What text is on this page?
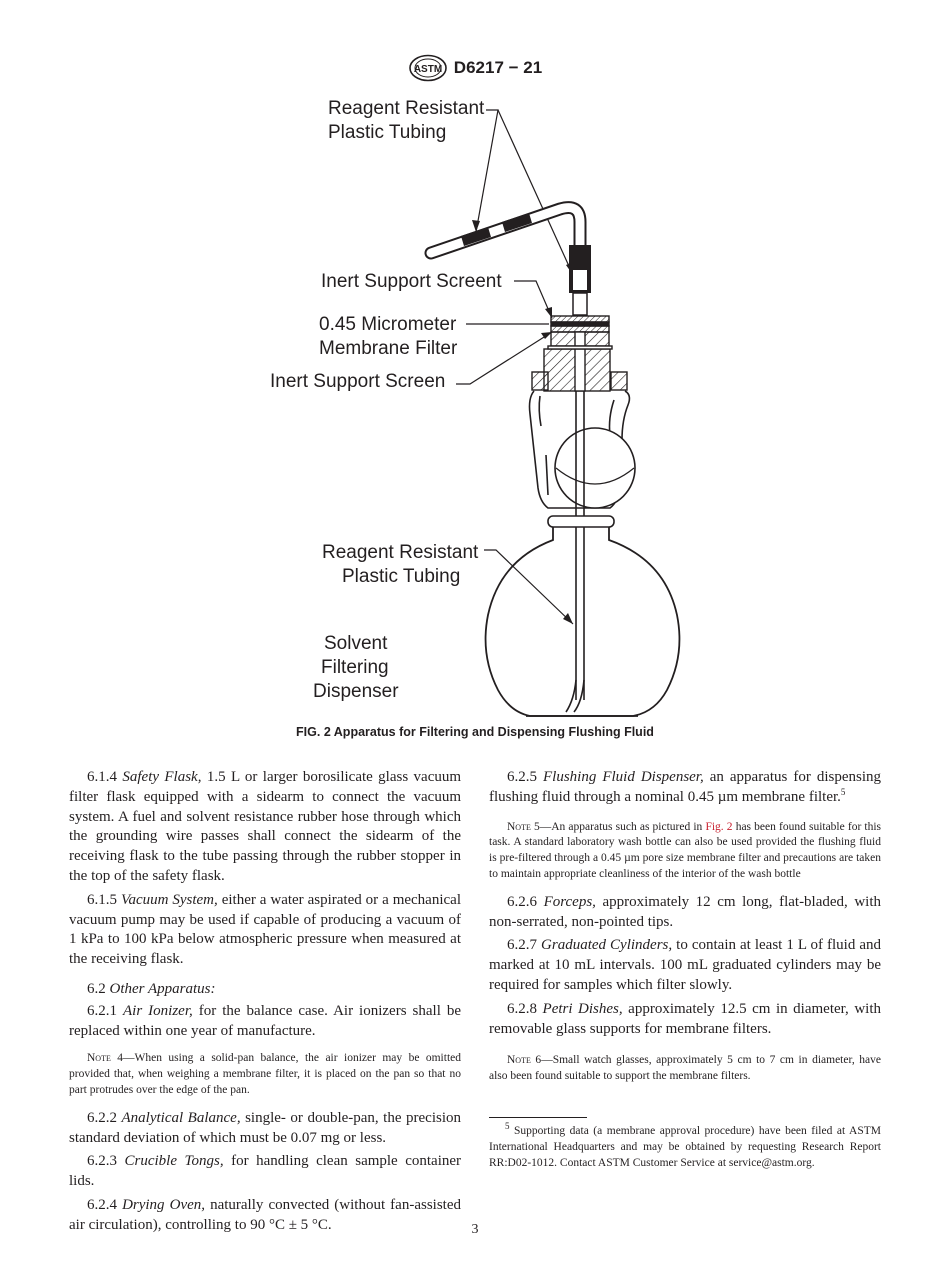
ASTM D6217 − 21
Reagent Resistant
Plastic Tubing
Inert Support Screent
0.45 Micrometer
Membrane Filter
Inert Support Screen
Reagent Resistant
Plastic Tubing
Solvent
Filtering
Dispenser
FIG. 2 Apparatus for Filtering and Dispensing Flushing Fluid

6.1.4 Safety Flask, 1.5 L or larger borosilicate glass vacuum filter flask equipped with a sidearm to connect the vacuum system. A fuel and solvent resistance rubber hose through which the grounding wire passes shall connect the sidearm of the receiving flask to the tube passing through the rubber stopper in the top of the safety flask.

6.1.5 Vacuum System, either a water aspirated or a mechanical vacuum pump may be used if capable of producing a vacuum of 1 kPa to 100 kPa below atmospheric pressure when measured at the receiving flask.

6.2 Other Apparatus:

6.2.1 Air Ionizer, for the balance case. Air ionizers shall be replaced within one year of manufacture.

Note 4—When using a solid-pan balance, the air ionizer may be omitted provided that, when weighing a membrane filter, it is placed on the pan so that no part protrudes over the edge of the pan.

6.2.2 Analytical Balance, single- or double-pan, the precision standard deviation of which must be 0.07 mg or less.

6.2.3 Crucible Tongs, for handling clean sample container lids.

6.2.4 Drying Oven, naturally convected (without fan-assisted air circulation), controlling to 90 °C ± 5 °C.

6.2.5 Flushing Fluid Dispenser, an apparatus for dispensing flushing fluid through a nominal 0.45 µm membrane filter.$^5$

Note 5—An apparatus such as pictured in Fig. 2 has been found suitable for this task. A standard laboratory wash bottle can also be used provided the flushing fluid is pre-filtered through a 0.45 µm pore size membrane filter and precautions are taken to maintain appropriate cleanliness of the interior of the wash bottle

6.2.6 Forceps, approximately 12 cm long, flat-bladed, with non-serrated, non-pointed tips.

6.2.7 Graduated Cylinders, to contain at least 1 L of fluid and marked at 10 mL intervals. 100 mL graduated cylinders may be required for samples which filter slowly.

6.2.8 Petri Dishes, approximately 12.5 cm in diameter, with removable glass supports for membrane filters.

Note 6—Small watch glasses, approximately 5 cm to 7 cm in diameter, have also been found suitable to support the membrane filters.

$^5$ Supporting data (a membrane approval procedure) have been filed at ASTM International Headquarters and may be obtained by requesting Research Report RR:D02-1012. Contact ASTM Customer Service at service@astm.org.

3
